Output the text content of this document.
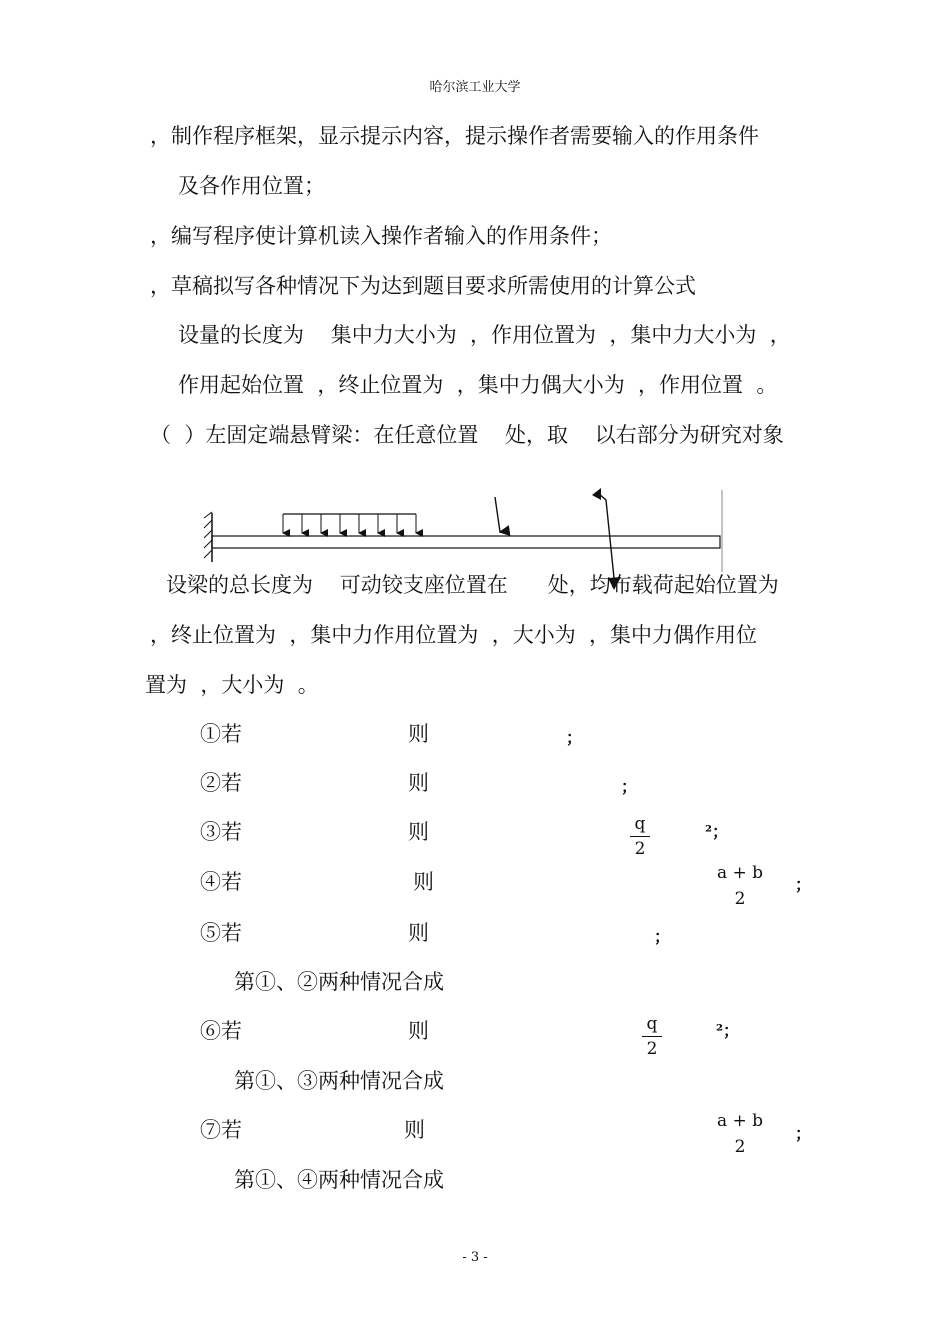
哈尔滨工业大学
，制作程序框架，显示提示内容，提示操作者需要输入的作用条件
及各作用位置；
，编写程序使计算机读入操作者输入的作用条件；
，草稿拟写各种情况下为达到题目要求所需使用的计算公式
设量的长度为    集中力大小为  ，作用位置为  ，集中力大小为  ，
作用起始位置  ，终止位置为  ，集中力偶大小为  ，作用位置  。
（  ）左固定端悬臂梁：在任意位置    处，取    以右部分为研究对象
设梁的总长度为    可动铰支座位置在      处，均布载荷起始位置为
，终止位置为  ，集中力作用位置为  ，大小为  ，集中力偶作用位
置为  ，大小为  。
①若	则	；
②若	则	；
③若	则	q
2
²；
④若	则	a + b
2
；
⑤若	则	；
第①、②两种情况合成
⑥若	则	q
2
²；
第①、③两种情况合成
⑦若	则	a + b
2
；
第①、④两种情况合成
- 3 -
